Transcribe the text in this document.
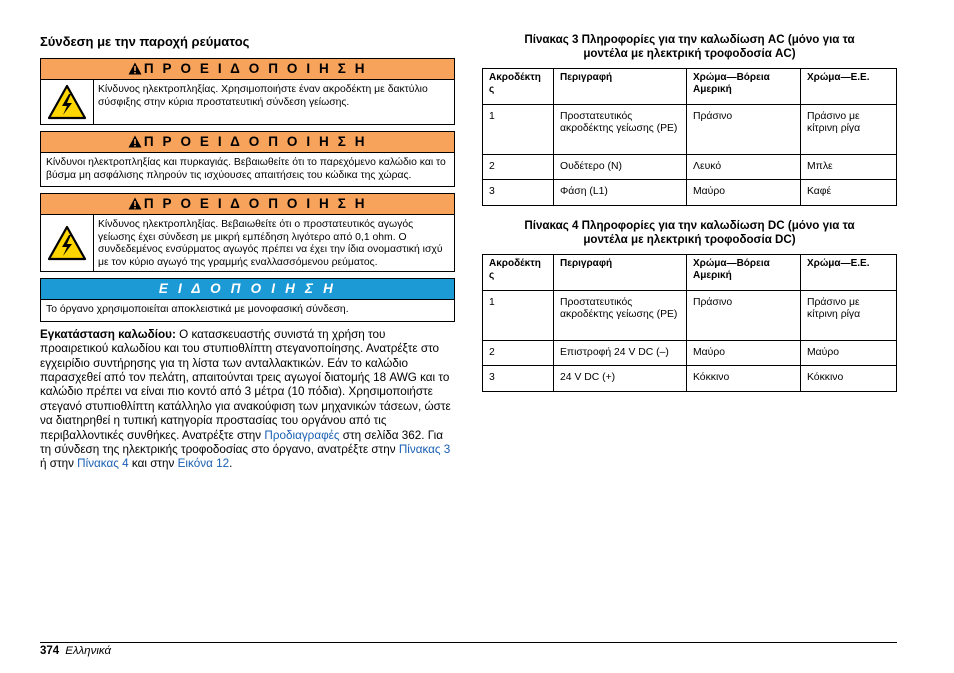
Σύνδεση με την παροχή ρεύματος
Π Ρ Ο Ε Ι Δ Ο Π Ο Ι Η Σ Η
Κίνδυνος ηλεκτροπληξίας. Χρησιμοποιήστε έναν ακροδέκτη με δακτύλιο σύσφιξης στην κύρια προστατευτική σύνδεση γείωσης.
Π Ρ Ο Ε Ι Δ Ο Π Ο Ι Η Σ Η
Κίνδυνοι ηλεκτροπληξίας και πυρκαγιάς. Βεβαιωθείτε ότι το παρεχόμενο καλώδιο και το βύσμα μη ασφάλισης πληρούν τις ισχύουσες απαιτήσεις του κώδικα της χώρας.
Π Ρ Ο Ε Ι Δ Ο Π Ο Ι Η Σ Η
Κίνδυνος ηλεκτροπληξίας. Βεβαιωθείτε ότι ο προστατευτικός αγωγός γείωσης έχει σύνδεση με μικρή εμπέδηση λιγότερο από 0,1 ohm. Ο συνδεδεμένος ενσύρματος αγωγός πρέπει να έχει την ίδια ονομαστική ισχύ με τον κύριο αγωγό της γραμμής εναλλασσόμενου ρεύματος.
Ε Ι Δ Ο Π Ο Ι Η Σ Η
Το όργανο χρησιμοποιείται αποκλειστικά με μονοφασική σύνδεση.
Εγκατάσταση καλωδίου: Ο κατασκευαστής συνιστά τη χρήση του προαιρετικού καλωδίου και του στυπιοθλίπτη στεγανοποίησης. Ανατρέξτε στο εγχειρίδιο συντήρησης για τη λίστα των ανταλλακτικών. Εάν το καλώδιο παρασχεθεί από τον πελάτη, απαιτούνται τρεις αγωγοί διατομής 18 AWG και το καλώδιο πρέπει να είναι πιο κοντό από 3 μέτρα (10 πόδια). Χρησιμοποιήστε στεγανό στυπιοθλίπτη κατάλληλο για ανακούφιση των μηχανικών τάσεων, ώστε να διατηρηθεί η τυπική κατηγορία προστασίας του οργάνου από τις περιβαλλοντικές συνθήκες. Ανατρέξτε στην Προδιαγραφές στη σελίδα 362. Για τη σύνδεση της ηλεκτρικής τροφοδοσίας στο όργανο, ανατρέξτε στην Πίνακας 3 ή στην Πίνακας 4 και στην Εικόνα 12.
Πίνακας 3 Πληροφορίες για την καλωδίωση AC (μόνο για τα
μοντέλα με ηλεκτρική τροφοδοσία AC)
Ακροδέκτη ς	Περιγραφή	Χρώμα—Βόρεια Αμερική	Χρώμα—Ε.Ε.
1	Προστατευτικός ακροδέκτης γείωσης (PE)	Πράσινο	Πράσινο με κίτρινη ρίγα
2	Ουδέτερο (N)	Λευκό	Μπλε
3	Φάση (L1)	Μαύρο	Καφέ
Πίνακας 4 Πληροφορίες για την καλωδίωση DC (μόνο για τα
μοντέλα με ηλεκτρική τροφοδοσία DC)
Ακροδέκτη ς	Περιγραφή	Χρώμα—Βόρεια Αμερική	Χρώμα—Ε.Ε.
1	Προστατευτικός ακροδέκτης γείωσης (PE)	Πράσινο	Πράσινο με κίτρινη ρίγα
2	Επιστροφή 24 V DC (–)	Μαύρο	Μαύρο
3	24 V DC (+)	Κόκκινο	Κόκκινο
374 Ελληνικά
